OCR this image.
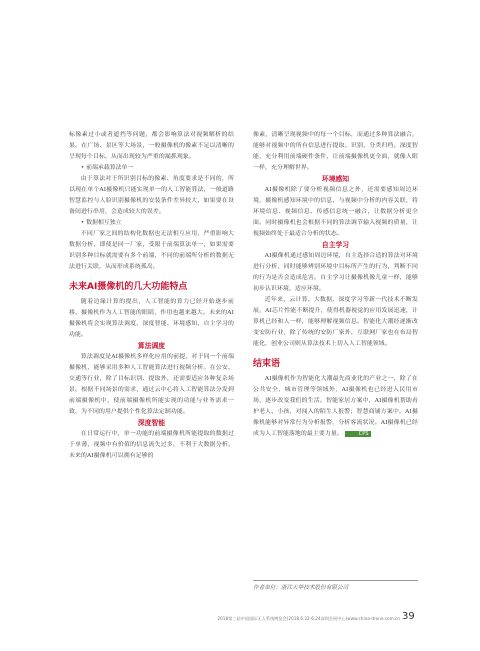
标像素过小或者遮挡等问题，都会影响算法对视频解析的结果。在广场、景区等大场景，一般摄像机的像素不足以清晰的呈现每个目标，从而出现较为严重的漏抓现象。

• 前端承载算法单一

由于算法对于所识别目标的像素、角度要求是不同的，所以现在单个AI摄像机只能实现单一的人工智能算法，一般道路智慧监控与人脸识别摄像机的安装条件差异较大，如果要在设备间进行串用，会造成较大的误差。

• 数据相互独立

不同厂家之间的结构化数据也无法相互应用，严重影响大数据分析，即使是同一厂家，受限于前端算法单一，如果需要识别多种目标就需要有多个前端，不同的前端所分析的数据无法进行关联，从而形成系统孤岛。

未来AI摄像机的几大功能特点

随着边缘计算的提出，人工智能的算力已经开始逐步前移，摄像机作为人工智能的眼睛，作用也越来越大。未来的AI摄像机将会实现算法调度、深度智能、环境感知、自主学习的功能。

算法调度

算法调度是AI摄像机多样化应用的前提，对于同一个前端摄像机，能够采用多种人工智能算法进行视频分析。在公安、交通等行业，除了目标识别、提取外，还需要适应各种复杂场景。根据不同场景的需求，通过云中心将人工智能算法分发到前端摄像机中，使前端摄像机所能实现的功能与业务需求一致，为不同的用户提供个性化算法定制功能。

深度智能

在日常运行中，单一功能的前端摄像机所能提取的数据过于单薄，视频中有价值的信息流失过多，不利于大数据分析。未来的AI摄像机可以拥有足够的

像素，清晰呈现视频中的每一个目标，而通过多种算法融合，能够对视频中的所有信息进行提取、识别、分类归档。深度智能，充分利用前端硬件条件，让前端摄像机更全面，就像人眼一样，充分理解世界。

环境感知

AI摄像机除了要分析视频信息之外，还需要感知周边环境，摄像机感知环境中的信息，与视频中分析的内容关联，将环境信息、视频信息、传感信息统一融合，让数据分析更全面。同时摄像机也会根据不同的算法调节输入视频的质量，让视频始终处于最适合分析的状态。

自主学习

AI摄像机通过感知周边环境，自主选择合适的算法对环境进行分析，同时能够辨别环境中目标所产生的行为，判断不同的行为是否会造成危害。自主学习让摄像机像儿童一样，能够初步认识环境，适应环境。

近年来，云计算、大数据、深度学习等新一代技术不断发展，AI芯片性能不断提升，使得机器视觉的应用发展迅速，计算机已经和人一样，能够理解视频信息。智能化大潮经逐渐改变安防行业，除了传统的安防厂家外，互联网厂家也在布局智能化，创业公司则从算法技术上切入人工智能领域。

结束语

AI摄像机作为智能化大潮最先商业化的产业之一，除了在公共安全、城市管理等领域外，AI摄像机也已经进入民用市场，逐步改变我们的生活。智能家居方案中，AI摄像机帮助看护老人、小孩，对闯入的陌生人报警；智慧商铺方案中，AI摄像机能够对异常行为分析报警，分析客流状况。AI摄像机已经成为人工智能落地的最主要力量。	CPS

作者单位：浙江大华技术股份有限公司
2018第三届中国国际无人系统博览会(2018.6.22-6.24深圳会展中心)www.china-drone.com.cn 39
